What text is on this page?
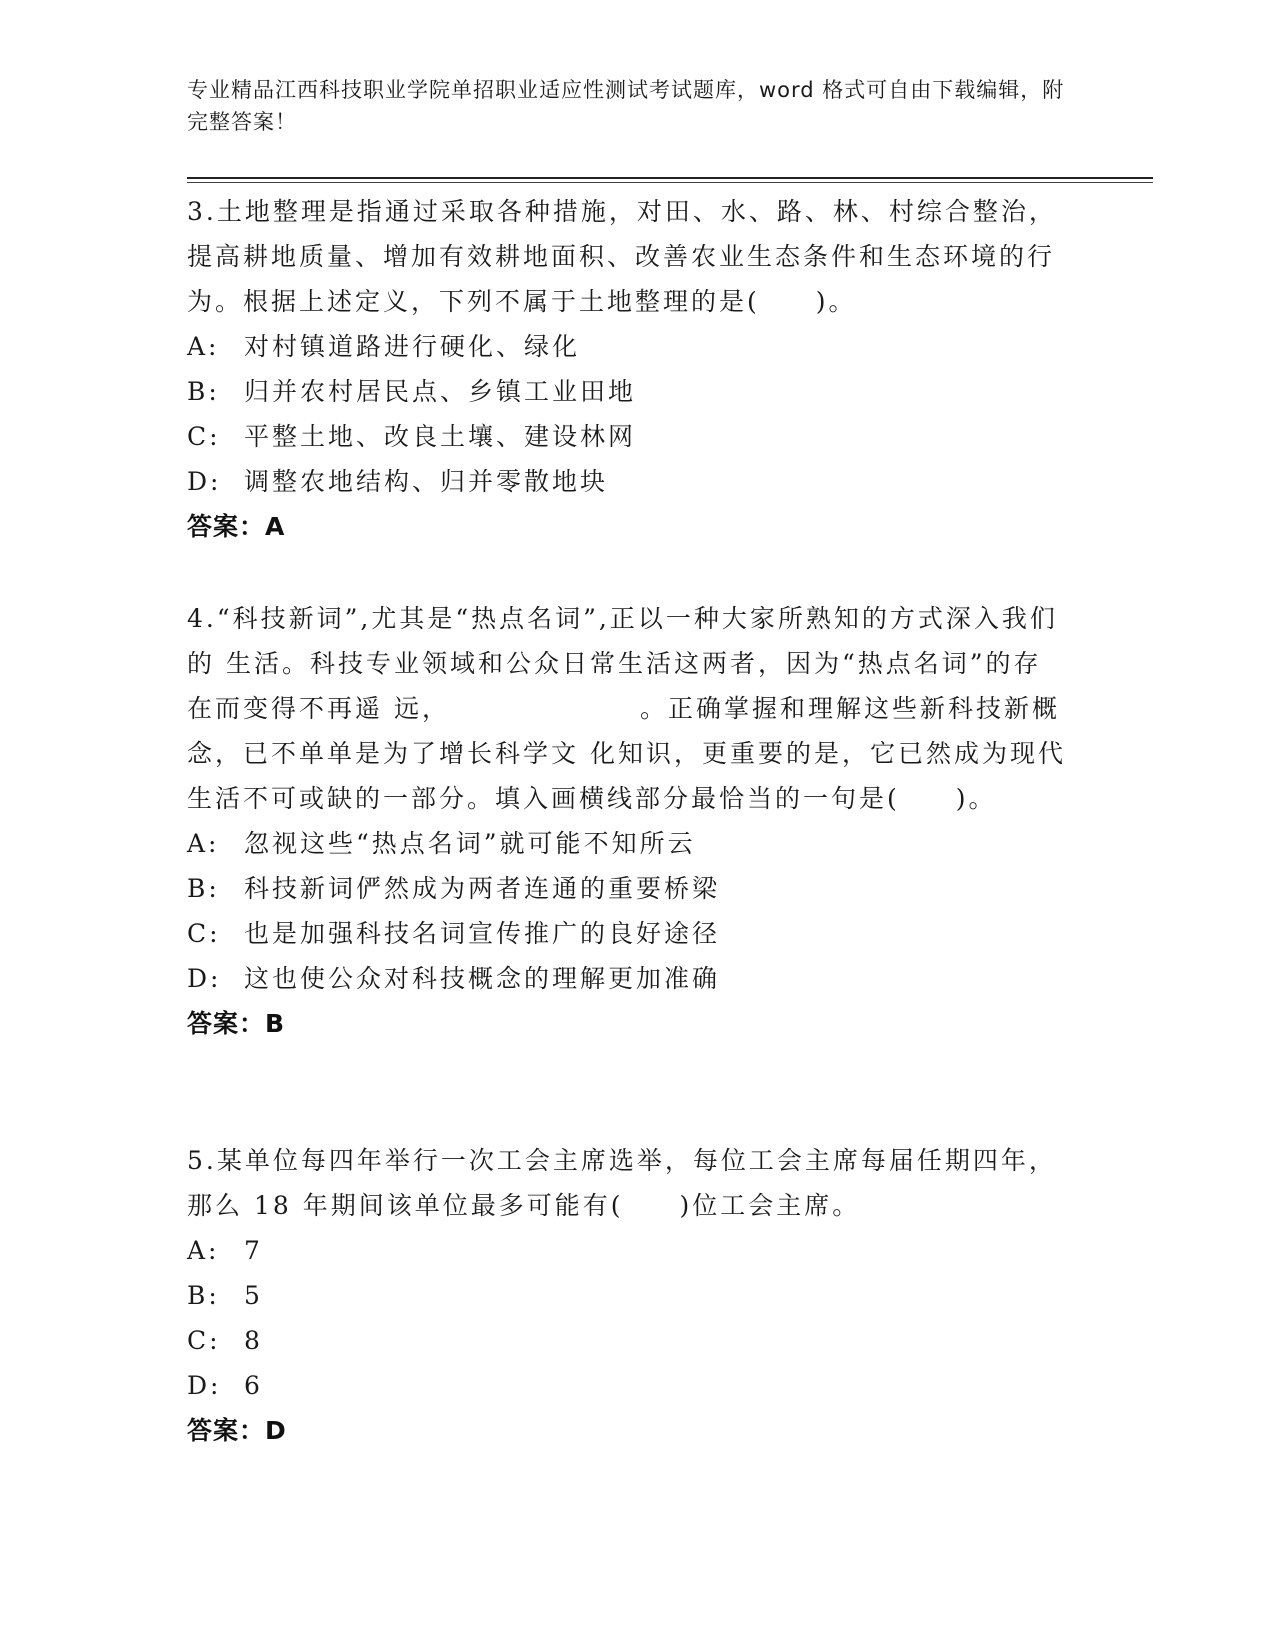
专业精品江西科技职业学院单招职业适应性测试考试题库，word 格式可自由下载编辑，附完整答案！
3.土地整理是指通过采取各种措施，对田、水、路、林、村综合整治，提高耕地质量、增加有效耕地面积、改善农业生态条件和生态环境的行为。根据上述定义，下列不属于土地整理的是(　　)。
A: 对村镇道路进行硬化、绿化
B: 归并农村居民点、乡镇工业田地
C: 平整土地、改良土壤、建设林网
D: 调整农地结构、归并零散地块
答案：A
4.“科技新词”,尤其是“热点名词”,正以一种大家所熟知的方式深入我们的 生活。科技专业领域和公众日常生活这两者，因为“热点名词”的存在而变得不再遥 远，	。正确掌握和理解这些新科技新概念，已不单单是为了增长科学文 化知识，更重要的是，它已然成为现代生活不可或缺的一部分。填入画横线部分最恰当的一句是(　　)。
A: 忽视这些“热点名词”就可能不知所云
B: 科技新词俨然成为两者连通的重要桥梁
C: 也是加强科技名词宣传推广的良好途径
D: 这也使公众对科技概念的理解更加准确
答案：B
5.某单位每四年举行一次工会主席选举，每位工会主席每届任期四年，那么 18 年期间该单位最多可能有(　　)位工会主席。
A: 7
B: 5
C: 8
D: 6
答案：D
